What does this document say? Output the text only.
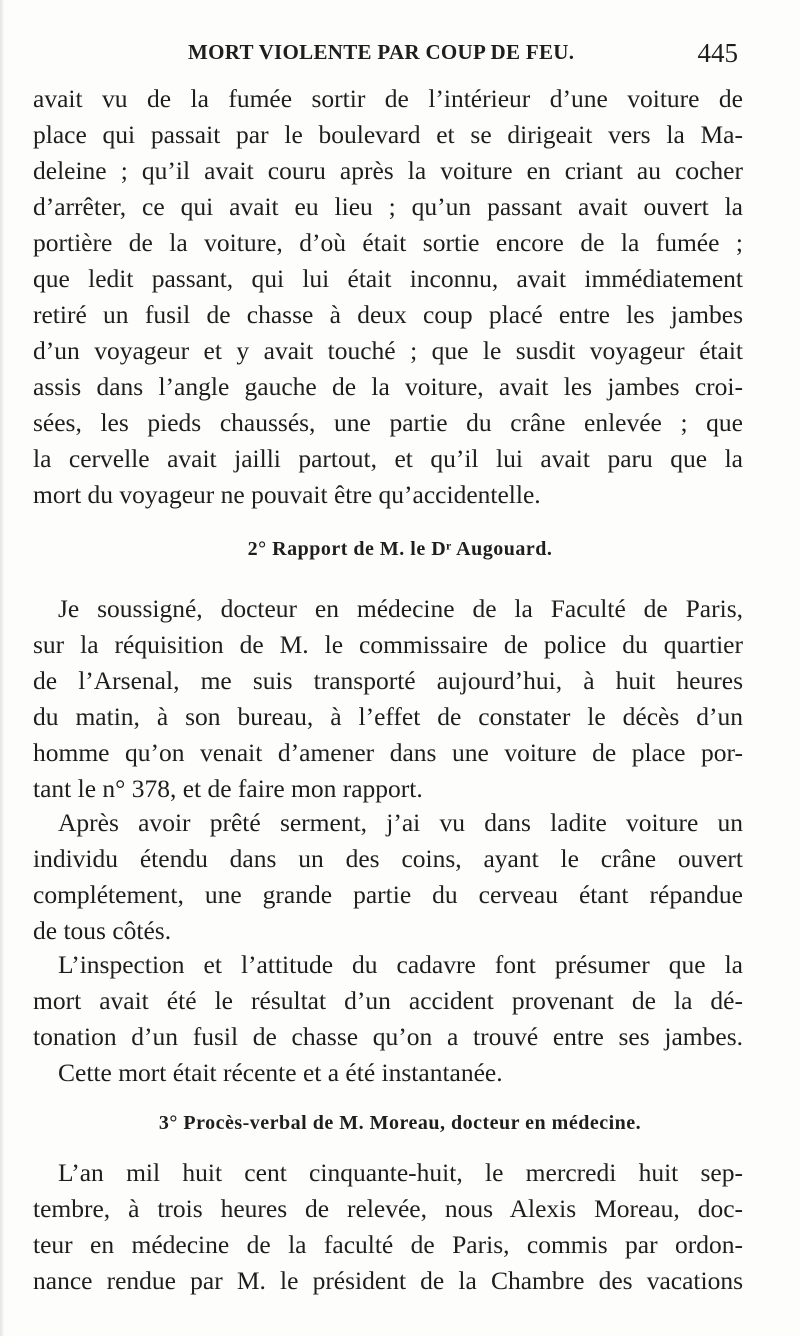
MORT VIOLENTE PAR COUP DE FEU.	445
avait vu de la fumée sortir de l’intérieur d’une voiture de
place qui passait par le boulevard et se dirigeait vers la Ma-
deleine ; qu’il avait couru après la voiture en criant au cocher
d’arrêter, ce qui avait eu lieu ; qu’un passant avait ouvert la
portière de la voiture, d’où était sortie encore de la fumée ;
que ledit passant, qui lui était inconnu, avait immédiatement
retiré un fusil de chasse à deux coup placé entre les jambes
d’un voyageur et y avait touché ; que le susdit voyageur était
assis dans l’angle gauche de la voiture, avait les jambes croi-
sées, les pieds chaussés, une partie du crâne enlevée ; que
la cervelle avait jailli partout, et qu’il lui avait paru que la
mort du voyageur ne pouvait être qu’accidentelle.
2° Rapport de M. le Dʳ Augouard.
Je soussigné, docteur en médecine de la Faculté de Paris,
sur la réquisition de M. le commissaire de police du quartier
de l’Arsenal, me suis transporté aujourd’hui, à huit heures
du matin, à son bureau, à l’effet de constater le décès d’un
homme qu’on venait d’amener dans une voiture de place por-
tant le n° 378, et de faire mon rapport.
Après avoir prêté serment, j’ai vu dans ladite voiture un
individu étendu dans un des coins, ayant le crâne ouvert
complétement, une grande partie du cerveau étant répandue
de tous côtés.
L’inspection et l’attitude du cadavre font présumer que la
mort avait été le résultat d’un accident provenant de la dé-
tonation d’un fusil de chasse qu’on a trouvé entre ses jambes.
Cette mort était récente et a été instantanée.
3° Procès-verbal de M. Moreau, docteur en médecine.
L’an mil huit cent cinquante-huit, le mercredi huit sep-
tembre, à trois heures de relevée, nous Alexis Moreau, doc-
teur en médecine de la faculté de Paris, commis par ordon-
nance rendue par M. le président de la Chambre des vacations
